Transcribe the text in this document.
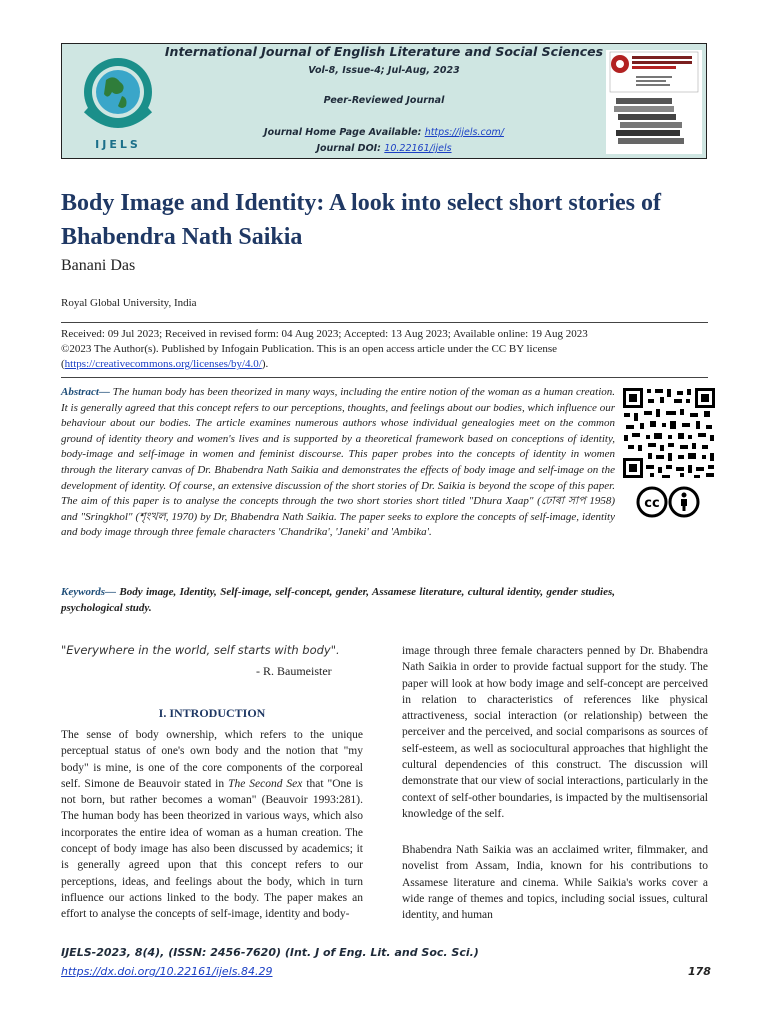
IJELS
International Journal of English Literature and Social Sciences
Vol-8, Issue-4; Jul-Aug, 2023
Peer-Reviewed Journal
Journal Home Page Available: https://ijels.com/
Journal DOI: 10.22161/ijels
Body Image and Identity: A look into select short stories of Bhabendra Nath Saikia
Banani Das
Royal Global University, India
Received: 09 Jul 2023; Received in revised form: 04 Aug 2023; Accepted: 13 Aug 2023; Available online: 19 Aug 2023
©2023 The Author(s). Published by Infogain Publication. This is an open access article under the CC BY license
(https://creativecommons.org/licenses/by/4.0/).

Abstract— The human body has been theorized in many ways, including the entire notion of the woman as a human creation. It is generally agreed that this concept refers to our perceptions, thoughts, and feelings about our bodies, which influence our behaviour about our bodies. The article examines numerous authors whose individual genealogies meet on the common ground of identity theory and women's lives and is supported by a theoretical framework based on conceptions of identity, body-image and self-image in women and feminist discourse. This paper probes into the concepts of identity in women through the literary canvas of Dr. Bhabendra Nath Saikia and demonstrates the effects of body image and self-image on the development of identity. Of course, an extensive discussion of the short stories of Dr. Saikia is beyond the scope of this paper. The aim of this paper is to analyse the concepts through the two short stories short titled "Dhura Xaap" (ঢোৰা সাপ 1958) and "Sringkhol" (শৃংখল, 1970) by Dr, Bhabendra Nath Saikia. The paper seeks to explore the concepts of self-image, identity and body image through three female characters 'Chandrika', 'Janeki' and 'Ambika'.

Keywords— Body image, Identity, Self-image, self-concept, gender, Assamese literature, cultural identity, gender studies, psychological study.

cc
"Everywhere in the world, self starts with body".
- R. Baumeister
I. INTRODUCTION

The sense of body ownership, which refers to the unique perceptual status of one's own body and the notion that "my body" is mine, is one of the core components of the corporeal self. Simone de Beauvoir stated in The Second Sex that "One is not born, but rather becomes a woman" (Beauvoir 1993:281). The human body has been theorized in various ways, which also incorporates the entire idea of woman as a human creation. The concept of body image has also been discussed by academics; it is generally agreed upon that this concept refers to our perceptions, ideas, and feelings about the body, which in turn influence our actions linked to the body. The paper makes an effort to analyse the concepts of self-image, identity and body-

image through three female characters penned by Dr. Bhabendra Nath Saikia in order to provide factual support for the study. The paper will look at how body image and self-concept are perceived in relation to characteristics of references like physical attractiveness, social interaction (or relationship) between the perceiver and the perceived, and social comparisons as sources of self-esteem, as well as sociocultural approaches that highlight the cultural dependencies of this construct. The discussion will demonstrate that our view of social interactions, particularly in the context of self-other boundaries, is impacted by the multisensorial knowledge of the self.

Bhabendra Nath Saikia was an acclaimed writer, filmmaker, and novelist from Assam, India, known for his contributions to Assamese literature and cinema. While Saikia's works cover a wide range of themes and topics, including social issues, cultural identity, and human

IJELS-2023, 8(4), (ISSN: 2456-7620) (Int. J of Eng. Lit. and Soc. Sci.)
https://dx.doi.org/10.22161/ijels.84.29	178
